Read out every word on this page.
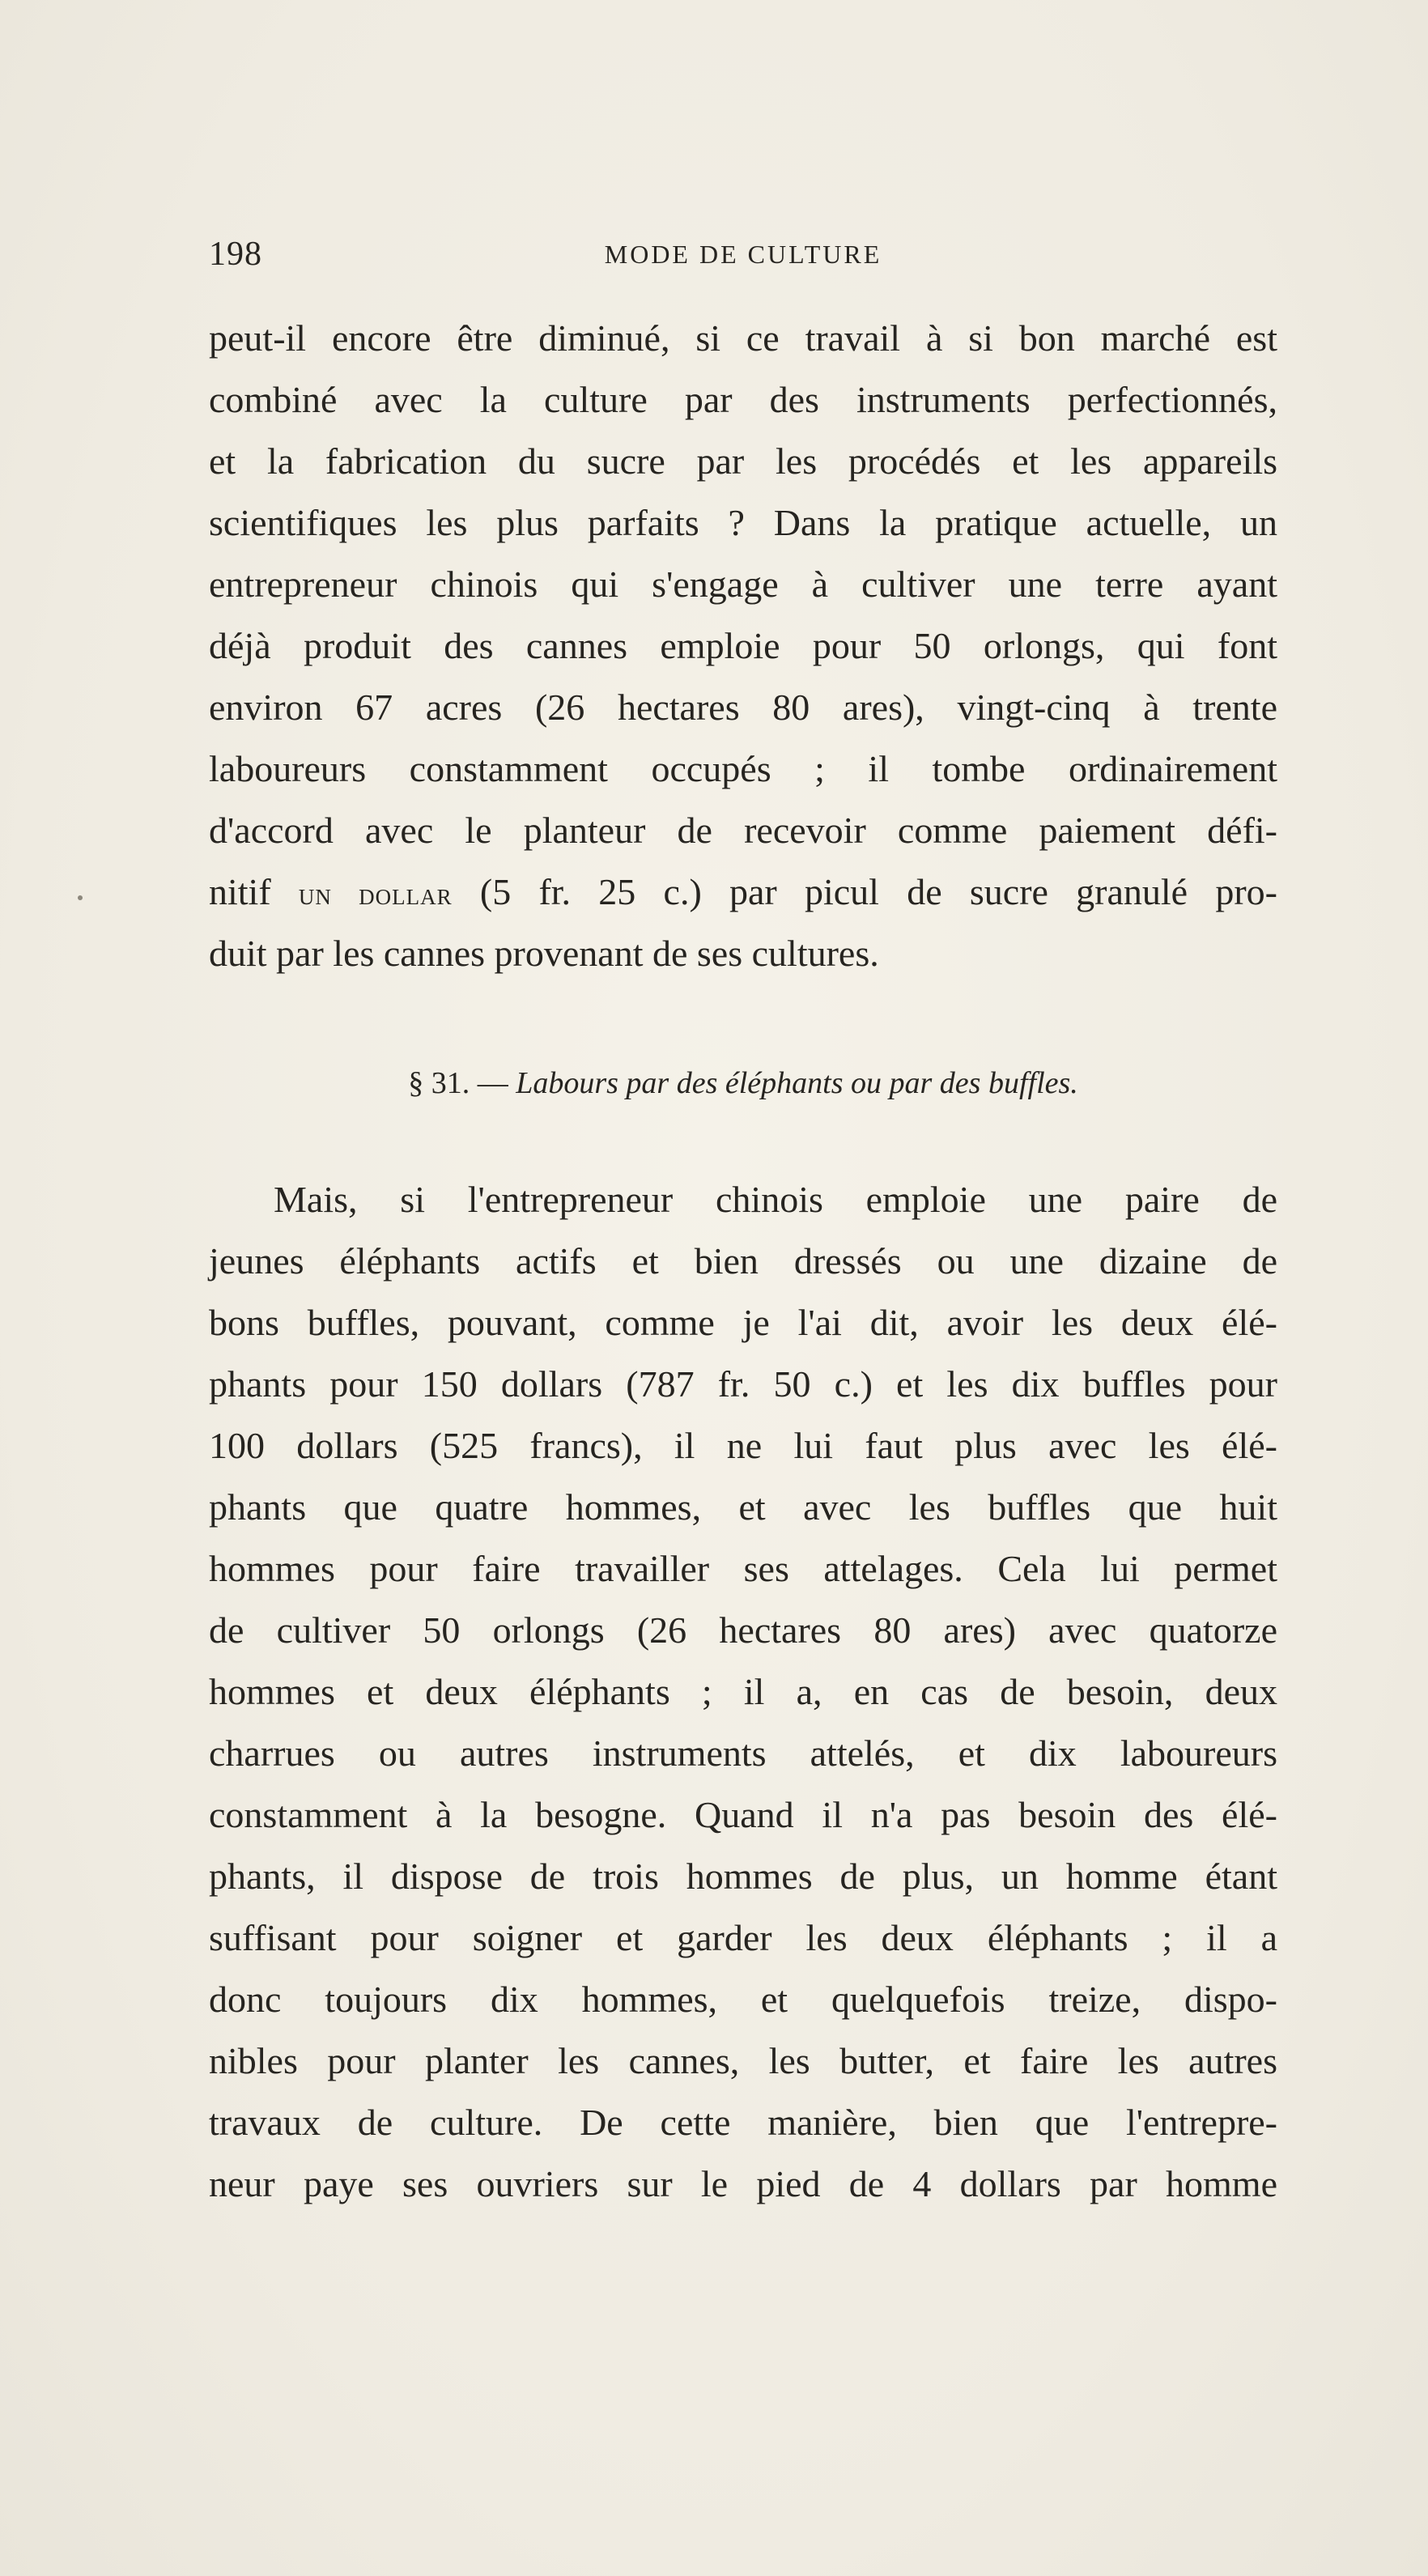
198	MODE DE CULTURE
peut-il encore être diminué, si ce travail à si bon marché est
combiné avec la culture par des instruments perfectionnés,
et la fabrication du sucre par les procédés et les appareils
scientifiques les plus parfaits ? Dans la pratique actuelle, un
entrepreneur chinois qui s'engage à cultiver une terre ayant
déjà produit des cannes emploie pour 50 orlongs, qui font
environ 67 acres (26 hectares 80 ares), vingt-cinq à trente
laboureurs constamment occupés ; il tombe ordinairement
d'accord avec le planteur de recevoir comme paiement défi-
nitif un dollar (5 fr. 25 c.) par picul de sucre granulé pro-
duit par les cannes provenant de ses cultures.
§ 31. — Labours par des éléphants ou par des buffles.
Mais, si l'entrepreneur chinois emploie une paire de
jeunes éléphants actifs et bien dressés ou une dizaine de
bons buffles, pouvant, comme je l'ai dit, avoir les deux élé-
phants pour 150 dollars (787 fr. 50 c.) et les dix buffles pour
100 dollars (525 francs), il ne lui faut plus avec les élé-
phants que quatre hommes, et avec les buffles que huit
hommes pour faire travailler ses attelages. Cela lui permet
de cultiver 50 orlongs (26 hectares 80 ares) avec quatorze
hommes et deux éléphants ; il a, en cas de besoin, deux
charrues ou autres instruments attelés, et dix laboureurs
constamment à la besogne. Quand il n'a pas besoin des élé-
phants, il dispose de trois hommes de plus, un homme étant
suffisant pour soigner et garder les deux éléphants ; il a
donc toujours dix hommes, et quelquefois treize, dispo-
nibles pour planter les cannes, les butter, et faire les autres
travaux de culture. De cette manière, bien que l'entrepre-
neur paye ses ouvriers sur le pied de 4 dollars par homme
